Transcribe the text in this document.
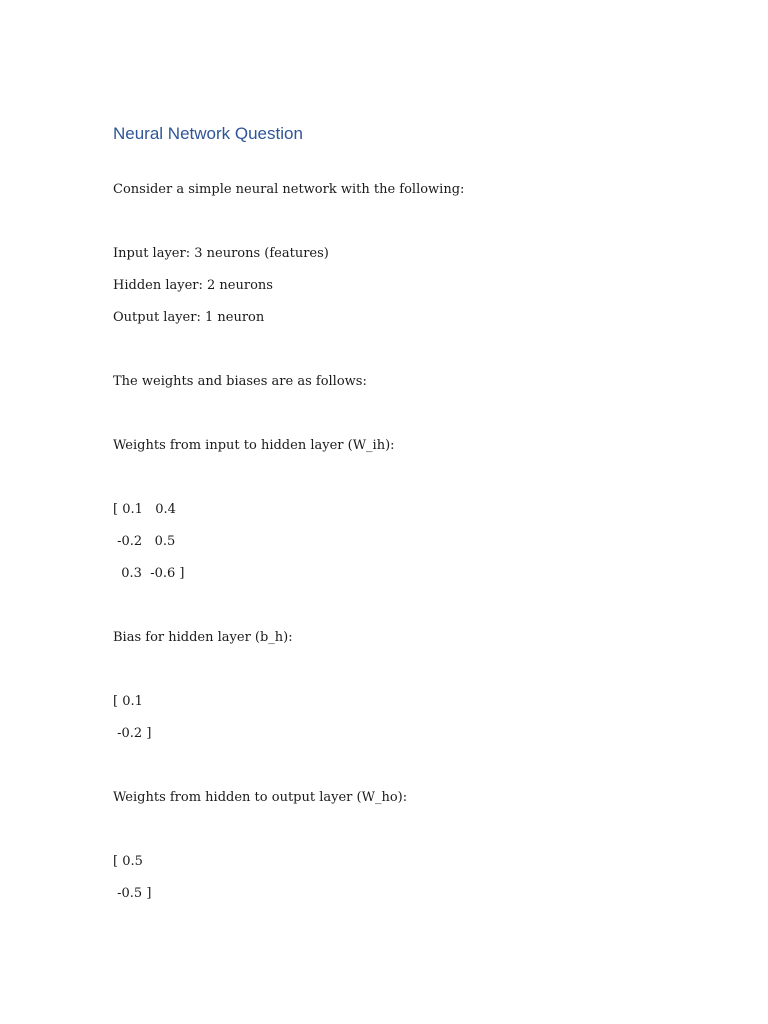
Neural Network Question
Consider a simple neural network with the following:
Input layer: 3 neurons (features)
Hidden layer: 2 neurons
Output layer: 1 neuron
The weights and biases are as follows:
Weights from input to hidden layer (W_ih):
[ 0.1   0.4
-0.2   0.5
0.3  -0.6 ]
Bias for hidden layer (b_h):
[ 0.1
-0.2 ]
Weights from hidden to output layer (W_ho):
[ 0.5
-0.5 ]
